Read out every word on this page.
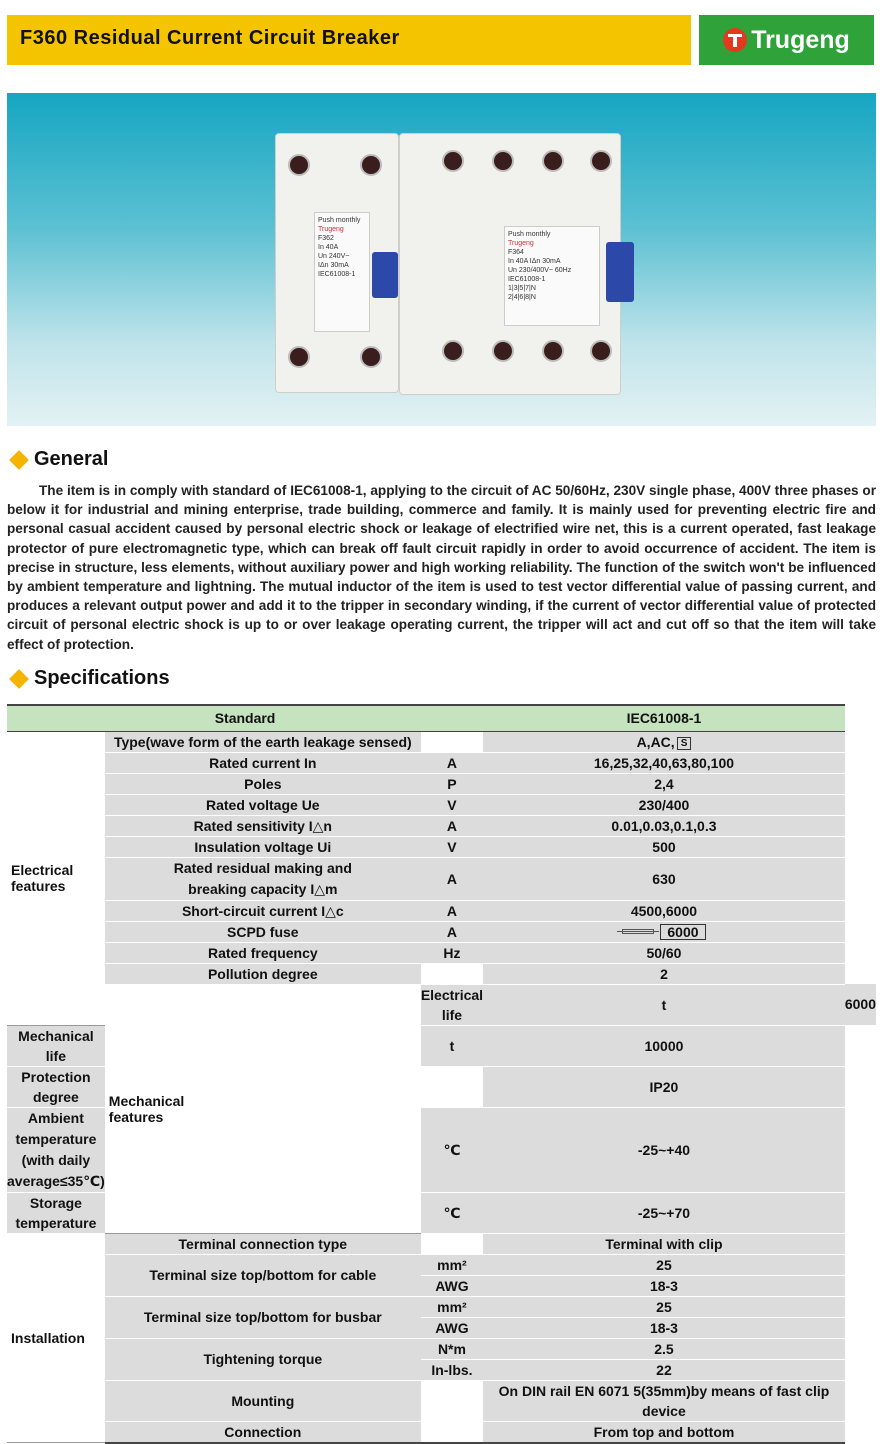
F360 Residual Current Circuit Breaker	Trugeng
Push monthly
Trugeng
F362
In 40A
Un 240V~
IΔn 30mA
IEC61008-1
Push monthly
Trugeng
F364
In 40A IΔn 30mA
Un 230/400V~ 60Hz IEC61008-1
1|3|5|7|N
2|4|6|8|N
General
The item is in comply with standard of IEC61008-1, applying to the circuit of AC 50/60Hz, 230V single phase, 400V three phases or below it for industrial and mining enterprise, trade building, commerce and family. It is mainly used for preventing electric fire and personal casual accident caused by personal electric shock or leakage of electrified wire net, this is a current operated, fast leakage protector of pure electromagnetic type, which can break off fault circuit rapidly in order to avoid occurrence of accident. The item is precise in structure, less elements, without auxiliary power and high working reliability. The function of the switch won't be influenced by ambient temperature and lightning. The mutual inductor of the item is used to test vector differential value of passing current, and produces a relevant output power and add it to the tripper in secondary winding, if the current of vector differential value of protected circuit of personal electric shock is up to or over leakage operating current, the tripper will act and cut off so that the item will take effect of protection.
Specifications
Standard			IEC61008-1	

Electrical features	Type(wave form of the earth leakage sensed)		A,AC, S	
	Rated current In	A	16,25,32,40,63,80,100	
	Poles	P	2,4	
	Rated voltage Ue	V	230/400	
	Rated sensitivity I△n	A	0.01,0.03,0.1,0.3	
	Insulation voltage Ui	V	500	

	Rated residual making and
breaking capacity I△m	A	630	
	Short-circuit current I△c	A	4500,6000	
	SCPD fuse	A	6000	
	Rated frequency	Hz	50/60	
	Pollution degree		2	

	Mechanical features	Electrical life	t	6000
Mechanical life		t	10000	
Protection degree			IP20	

Ambient temperature
(with daily average≤35℃)		℃	-25~+40	
Storage temperature		℃	-25~+70	
Installation	Terminal connection type		Terminal with clip	
	Terminal size top/bottom for cable	mm²	25	
		AWG	18-3	
	Terminal size top/bottom for busbar	mm²	25	
		AWG	18-3	
	Tightening torque	N*m	2.5	
		In-lbs.	22	
	Mounting		On DIN rail EN 6071 5(35mm)by means of fast clip device	
	Connection		From top and bottom	
